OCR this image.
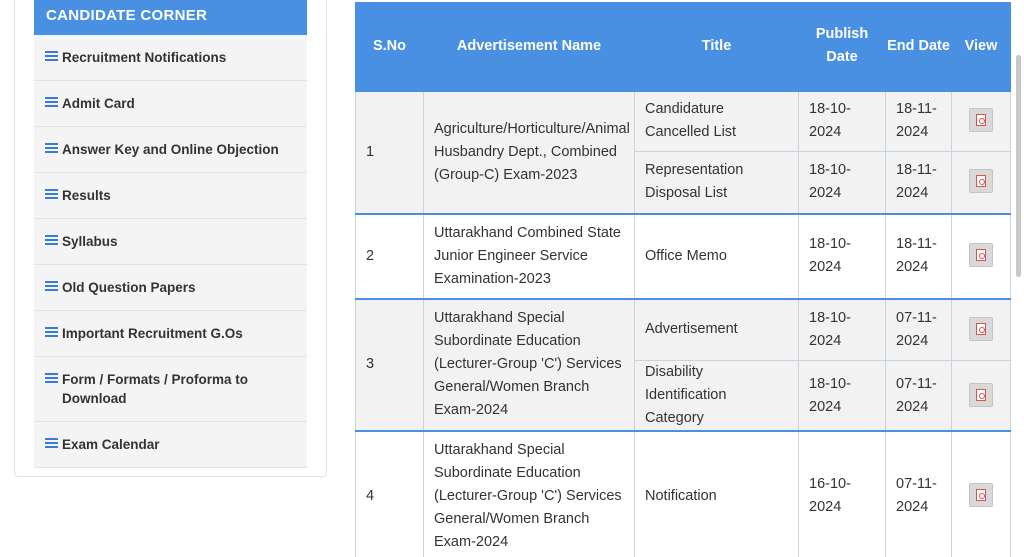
CANDIDATE CORNER
Recruitment Notifications
Admit Card
Answer Key and Online Objection
Results
Syllabus
Old Question Papers
Important Recruitment G.Os
Form / Formats / Proforma to Download
Exam Calendar
S.No	Advertisement Name	Title	Publish Date	End Date	View
1	Agriculture/Horticulture/Animal Husbandry Dept., Combined (Group-C) Exam-2023	Candidature Cancelled List	18-10-2024	18-11-2024	

		Representation Disposal List	18-10-2024	18-11-2024	

2	Uttarakhand Combined State Junior Engineer Service Examination-2023	Office Memo	18-10-2024	18-11-2024	

3	Uttarakhand Special Subordinate Education (Lecturer-Group 'C') Services General/Women Branch Exam-2024	Advertisement	18-10-2024	07-11-2024	

		Disability Identification Category	18-10-2024	07-11-2024	

4	Uttarakhand Special Subordinate Education (Lecturer-Group 'C') Services General/Women Branch Exam-2024	Notification	16-10-2024	07-11-2024	
